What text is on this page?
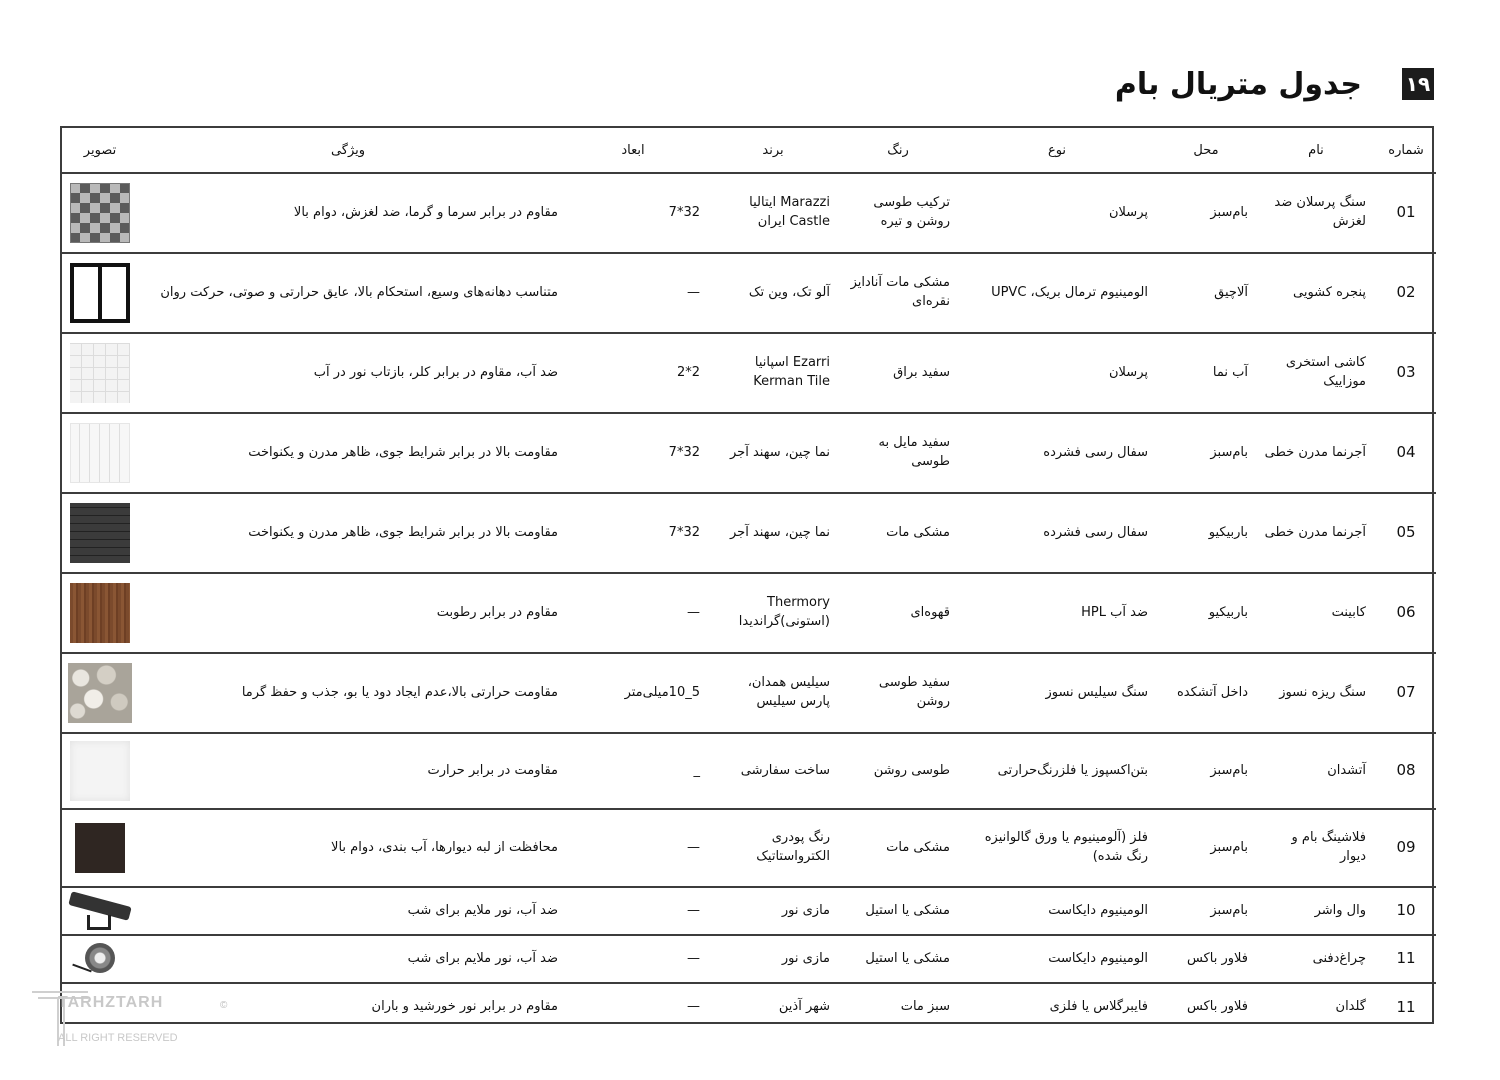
۱۹
جدول متریال بام
شماره	نام	محل	نوع	رنگ	برند	ابعاد	ویژگی	تصویر
01	سنگ پرسلان ضد لغزش	بام‌سبز	پرسلان	ترکیب طوسی روشن و تیره	Marazzi ایتالیا Castle ایران	32*7	مقاوم در برابر سرما و گرما، ضد لغزش، دوام بالا	

02	پنجره کشویی	آلاچیق	الومینیوم ترمال بریک، UPVC	مشکی مات آنادایز نقره‌ای	آلو تک، وین تک	—	متناسب دهانه‌های وسیع، استحکام بالا، عایق حرارتی و صوتی، حرکت روان	

03	کاشی استخری موزاییک	آب نما	پرسلان	سفید براق	Ezarri اسپانیا Kerman Tile	2*2	ضد آب، مقاوم در برابر کلر، بازتاب نور در آب	

04	آجرنما مدرن خطی	بام‌سبز	سفال رسی فشرده	سفید مایل به طوسی	نما چین، سهند آجر	32*7	مقاومت بالا در برابر شرایط جوی، ظاهر مدرن و یکنواخت	

05	آجرنما مدرن خطی	باربیکیو	سفال رسی فشرده	مشکی مات	نما چین، سهند آجر	32*7	مقاومت بالا در برابر شرایط جوی، ظاهر مدرن و یکنواخت	

06	کابینت	باربیکیو	ضد آب HPL	قهوه‌ای	Thermory (استونی)گراندیدا	—	مقاوم در برابر رطوبت	

07	سنگ ریزه نسوز	داخل آتشکده	سنگ سیلیس نسوز	سفید طوسی روشن	سیلیس همدان، پارس سیلیس	5_10میلی‌متر	مقاومت حرارتی بالا،عدم ایجاد دود یا بو، جذب و حفظ گرما	

08	آتشدان	بام‌سبز	بتن‌اکسپوز یا فلزرنگ‌حرارتی	طوسی روشن	ساخت سفارشی	_	مقاومت در برابر حرارت	

09	فلاشینگ بام و دیوار	بام‌سبز	فلز (آلومینیوم یا ورق گالوانیزه رنگ شده)	مشکی مات	رنگ پودری الکترواستاتیک	—	محافظت از لبه دیوارها، آب بندی، دوام بالا	

10	وال واشر	بام‌سبز	الومینیوم دایکاست	مشکی یا استیل	مازی نور	—	ضد آب، نور ملایم برای شب	

11	چراغ‌دفنی	فلاور باکس	الومینیوم دایکاست	مشکی یا استیل	مازی نور	—	ضد آب، نور ملایم برای شب	

11	گلدان	فلاور باکس	فایبرگلاس یا فلزی	سبز مات	شهر آذین	—	مقاوم در برابر نور خورشید و باران	
TARHZTARH
ALL RIGHT RESERVED
©
